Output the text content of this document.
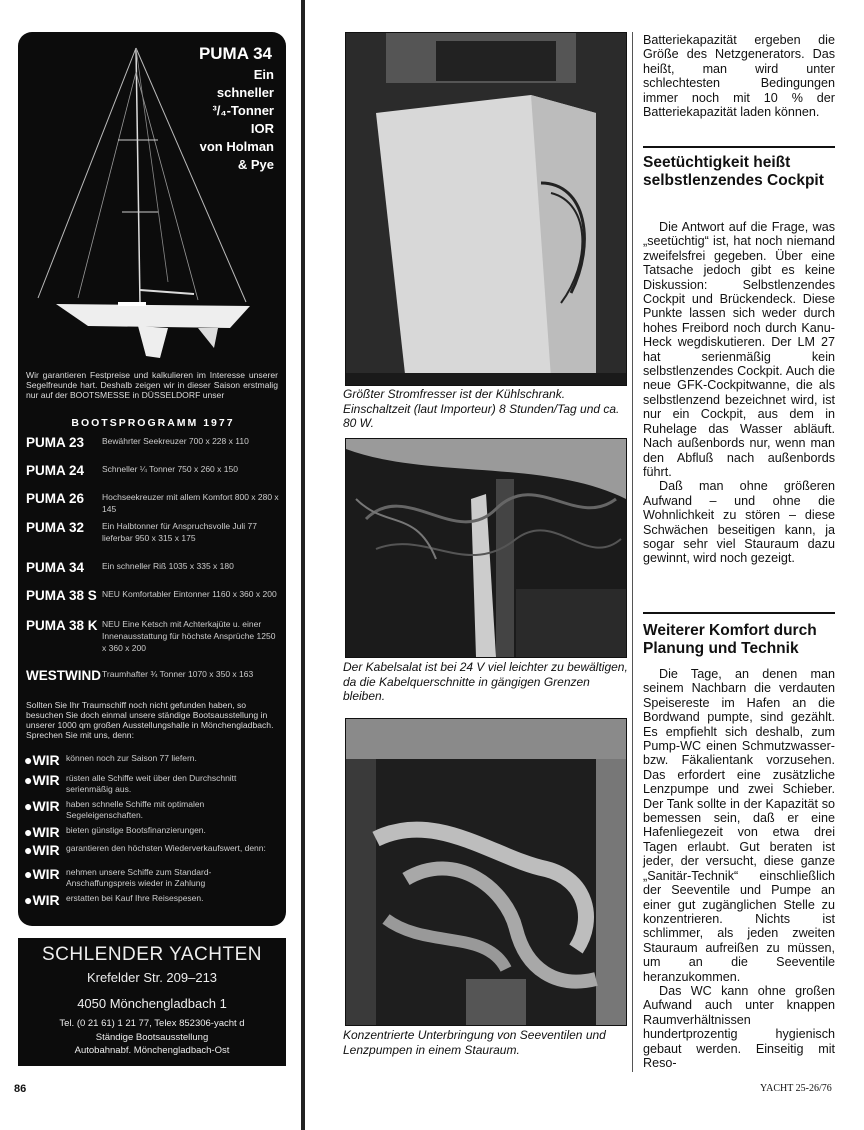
PUMA 34
Ein
schneller
³/₄-Tonner
IOR
von Holman
& Pye
Wir garantieren Festpreise und kalkulieren im Interesse unserer Segelfreunde hart. Deshalb zeigen wir in dieser Saison erstmalig nur auf der BOOTSMESSE in DÜSSELDORF unser
BOOTSPROGRAMM 1977
PUMA 23 Bewährter Seekreuzer 700 x 228 x 110
PUMA 24 Schneller ¼ Tonner 750 x 260 x 150
PUMA 26 Hochseekreuzer mit allem Komfort 800 x 280 x 145
PUMA 32 Ein Halbtonner für Anspruchsvolle Juli 77 lieferbar 950 x 315 x 175
PUMA 34 Ein schneller Riß 1035 x 335 x 180
PUMA 38 S NEU Komfortabler Eintonner 1160 x 360 x 200
PUMA 38 K NEU Eine Ketsch mit Achterkajüte u. einer Innenausstattung für höchste Ansprüche 1250 x 360 x 200
WESTWIND Traumhafter ¾ Tonner 1070 x 350 x 163
Sollten Sie Ihr Traumschiff noch nicht gefunden haben, so besuchen Sie doch einmal unsere ständige Bootsausstellung in unserer 1000 qm großen Ausstellungshalle in Mönchengladbach. Sprechen Sie mit uns, denn:
●WIR können noch zur Saison 77 liefern.
●WIR rüsten alle Schiffe weit über den Durchschnitt serienmäßig aus.
●WIR haben schnelle Schiffe mit optimalen Segeleigenschaften.
●WIR bieten günstige Bootsfinanzierungen.
●WIR garantieren den höchsten Wiederverkaufswert, denn:
●WIR nehmen unsere Schiffe zum Standard-Anschaffungspreis wieder in Zahlung
●WIR erstatten bei Kauf Ihre Reisespesen.
SCHLENDER YACHTEN
Krefelder Str. 209–213
4050 Mönchengladbach 1
Tel. (0 21 61) 1 21 77, Telex 852306-yacht d
Ständige Bootsausstellung
Autobahnabf. Mönchengladbach-Ost
86
Größter Stromfresser ist der Kühlschrank. Einschaltzeit (laut Importeur) 8 Stunden/Tag und ca. 80 W.
Der Kabelsalat ist bei 24 V viel leichter zu bewältigen, da die Kabelquerschnitte in gängigen Grenzen bleiben.
Konzentrierte Unterbringung von Seeventilen und Lenzpumpen in einem Stauraum.

Batteriekapazität ergeben die Größe des Netzgenerators. Das heißt, man wird unter schlechtesten Bedingungen immer noch mit 10 % der Batteriekapazität laden können.

Seetüchtigkeit heißt selbstlenzendes Cockpit

Die Antwort auf die Frage, was „seetüchtig“ ist, hat noch niemand zweifelsfrei gegeben. Über eine Tatsache jedoch gibt es keine Diskussion: Selbstlenzendes Cockpit und Brückendeck. Diese Punkte lassen sich weder durch hohes Freibord noch durch Kanu-Heck wegdiskutieren. Der LM 27 hat serienmäßig kein selbstlenzendes Cockpit. Auch die neue GFK-Cockpitwanne, die als selbstlenzend bezeichnet wird, ist nur ein Cockpit, aus dem in Ruhelage das Wasser abläuft. Nach außenbords nur, wenn man den Abfluß nach außenbords führt.

Daß man ohne größeren Aufwand – und ohne die Wohnlichkeit zu stören – diese Schwächen beseitigen kann, ja sogar sehr viel Stauraum dazu gewinnt, wird noch gezeigt.

Weiterer Komfort durch Planung und Technik

Die Tage, an denen man seinem Nachbarn die verdauten Speisereste im Hafen an die Bordwand pumpte, sind gezählt. Es empfiehlt sich deshalb, zum Pump-WC einen Schmutzwasser- bzw. Fäkalientank vorzusehen. Das erfordert eine zusätzliche Lenzpumpe und zwei Schieber. Der Tank sollte in der Kapazität so bemessen sein, daß er eine Hafenliegezeit von etwa drei Tagen erlaubt. Gut beraten ist jeder, der versucht, diese ganze „Sanitär-Technik“ einschließlich der Seeventile und Pumpe an einer gut zugänglichen Stelle zu konzentrieren. Nichts ist schlimmer, als jeden zweiten Stauraum aufreißen zu müssen, um an die Seeventile heranzukommen.

Das WC kann ohne großen Aufwand auch unter knappen Raumverhältnissen hundertprozentig hygienisch gebaut werden. Einseitig mit Reso-

YACHT 25-26/76
